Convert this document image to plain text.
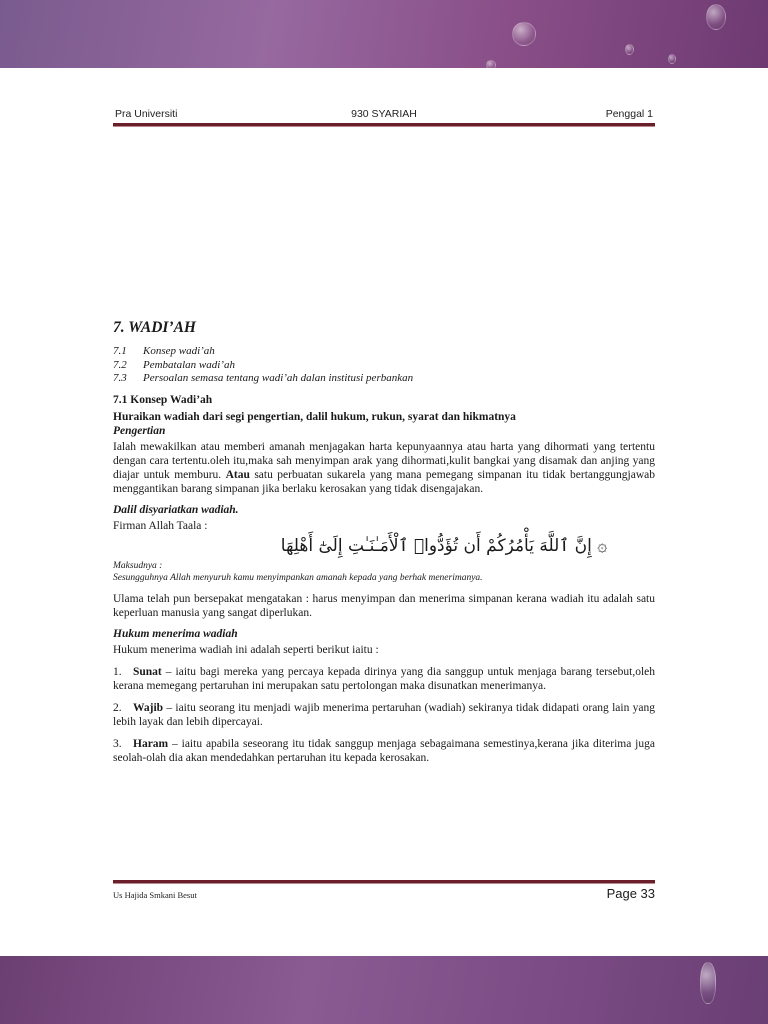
Pra Universiti	930 SYARIAH	Penggal 1
7. WADI’AH
7.1 Konsep wadi’ah
7.2 Pembatalan wadi’ah
7.3 Persoalan semasa tentang wadi’ah dalan institusi perbankan
7.1 Konsep Wadi’ah
Huraikan wadiah dari segi pengertian, dalil hukum, rukun, syarat dan hikmatnya
Pengertian

Ialah mewakilkan atau memberi amanah menjagakan harta kepunyaannya atau harta yang dihormati yang tertentu dengan cara tertentu.oleh itu,maka sah menyimpan arak yang dihormati,kulit bangkai yang disamak dan anjing yang diajar untuk memburu. Atau satu perbuatan sukarela yang mana pemegang simpanan itu tidak bertanggungjawab menggantikan barang simpanan jika berlaku kerosakan yang tidak disengajakan.

Dalil disyariatkan wadiah.

Firman Allah Taala :

۞ إِنَّ ٱللَّهَ يَأْمُرُكُمْ أَن تُؤَدُّوا۟ ٱلْأَمَـٰنَـٰتِ إِلَىٰٓ أَهْلِهَا
Maksudnya :
Sesungguhnya Allah menyuruh kamu menyimpankan amanah kepada yang berhak menerimanya.

Ulama telah pun bersepakat mengatakan : harus menyimpan dan menerima simpanan kerana wadiah itu adalah satu keperluan manusia yang sangat diperlukan.

Hukum menerima wadiah

Hukum menerima wadiah ini adalah seperti berikut iaitu :

1. Sunat – iaitu bagi mereka yang percaya kepada dirinya yang dia sanggup untuk menjaga barang tersebut,oleh kerana memegang pertaruhan ini merupakan satu pertolongan maka disunatkan menerimanya.

2. Wajib – iaitu seorang itu menjadi wajib menerima pertaruhan (wadiah) sekiranya tidak didapati orang lain yang lebih layak dan lebih dipercayai.

3. Haram – iaitu apabila seseorang itu tidak sanggup menjaga sebagaimana semestinya,kerana jika diterima juga seolah-olah dia akan mendedahkan pertaruhan itu kepada kerosakan.

Us Hajida Smkani Besut	Page 33
